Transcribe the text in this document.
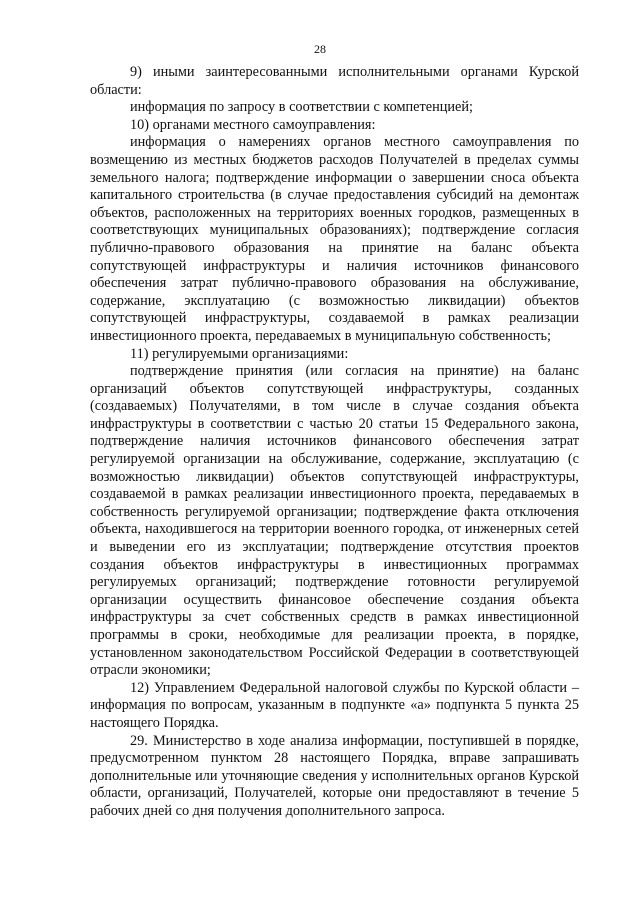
28

9) иными заинтересованными исполнительными органами Курской области:

информация по запросу в соответствии с компетенцией;

10) органами местного самоуправления:

информация о намерениях органов местного самоуправления по возмещению из местных бюджетов расходов Получателей в пределах суммы земельного налога; подтверждение информации о завершении сноса объекта капитального строительства (в случае предоставления субсидий на демонтаж объектов, расположенных на территориях военных городков, размещенных в соответствующих муниципальных образованиях); подтверждение согласия публично-правового образования на принятие на баланс объекта сопутствующей инфраструктуры и наличия источников финансового обеспечения затрат публично-правового образования на обслуживание, содержание, эксплуатацию (с возможностью ликвидации) объектов сопутствующей инфраструктуры, создаваемой в рамках реализации инвестиционного проекта, передаваемых в муниципальную собственность;

11) регулируемыми организациями:

подтверждение принятия (или согласия на принятие) на баланс организаций объектов сопутствующей инфраструктуры, созданных (создаваемых) Получателями, в том числе в случае создания объекта инфраструктуры в соответствии с частью 20 статьи 15 Федерального закона, подтверждение наличия источников финансового обеспечения затрат регулируемой организации на обслуживание, содержание, эксплуатацию (с возможностью ликвидации) объектов сопутствующей инфраструктуры, создаваемой в рамках реализации инвестиционного проекта, передаваемых в собственность регулируемой организации; подтверждение факта отключения объекта, находившегося на территории военного городка, от инженерных сетей и выведении его из эксплуатации; подтверждение отсутствия проектов создания объектов инфраструктуры в инвестиционных программах регулируемых организаций; подтверждение готовности регулируемой организации осуществить финансовое обеспечение создания объекта инфраструктуры за счет собственных средств в рамках инвестиционной программы в сроки, необходимые для реализации проекта, в порядке, установленном законодательством Российской Федерации в соответствующей отрасли экономики;

12) Управлением Федеральной налоговой службы по Курской области – информация по вопросам, указанным в подпункте «а» подпункта 5 пункта 25 настоящего Порядка.

29. Министерство в ходе анализа информации, поступившей в порядке, предусмотренном пунктом 28 настоящего Порядка, вправе запрашивать дополнительные или уточняющие сведения у исполнительных органов Курской области, организаций, Получателей, которые они предоставляют в течение 5 рабочих дней со дня получения дополнительного запроса.
